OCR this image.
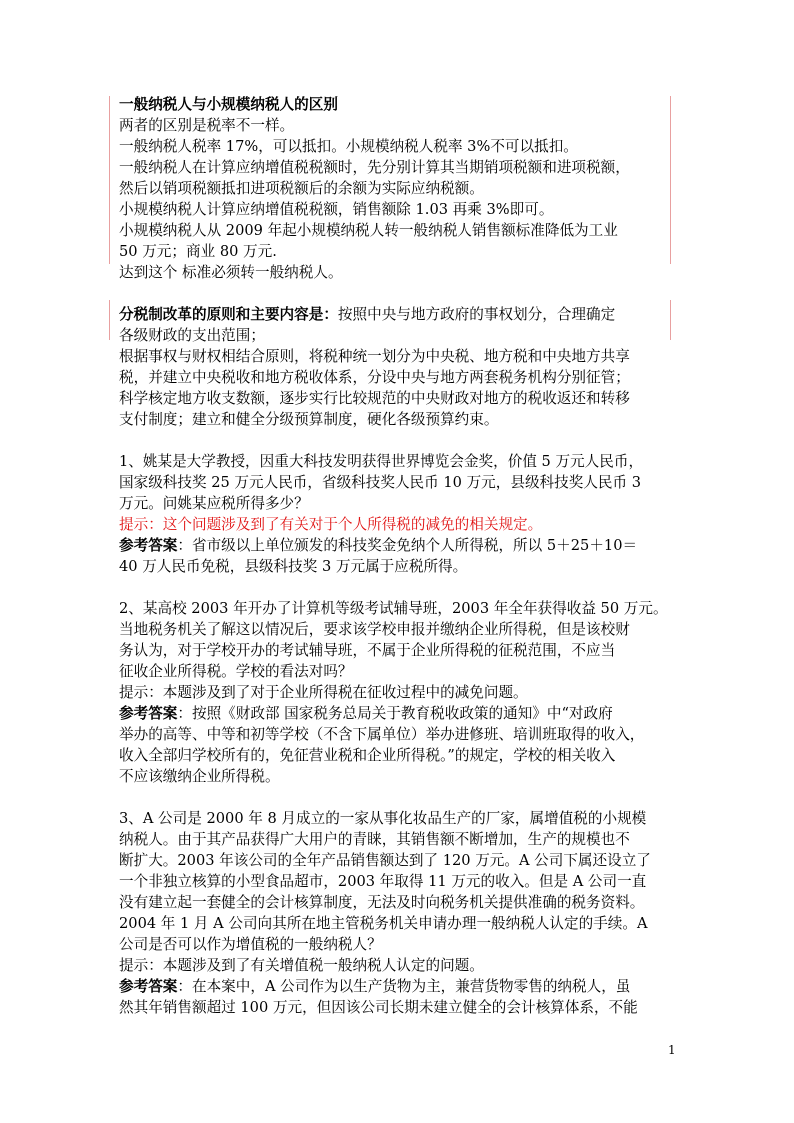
一般纳税人与小规模纳税人的区别
两者的区别是税率不一样。
一般纳税人税率 17%，可以抵扣。小规模纳税人税率 3%不可以抵扣。
一般纳税人在计算应纳增值税税额时，先分别计算其当期销项税额和进项税额，
然后以销项税额抵扣进项税额后的余额为实际应纳税额。
小规模纳税人计算应纳增值税税额，销售额除 1.03 再乘 3%即可。
小规模纳税人从 2009 年起小规模纳税人转一般纳税人销售额标准降低为工业
50 万元；商业 80 万元.
达到这个 标准必须转一般纳税人。
分税制改革的原则和主要内容是：按照中央与地方政府的事权划分，合理确定
各级财政的支出范围；
根据事权与财权相结合原则，将税种统一划分为中央税、地方税和中央地方共享
税，并建立中央税收和地方税收体系，分设中央与地方两套税务机构分别征管；
科学核定地方收支数额，逐步实行比较规范的中央财政对地方的税收返还和转移
支付制度；建立和健全分级预算制度，硬化各级预算约束。
1、姚某是大学教授，因重大科技发明获得世界博览会金奖，价值 5 万元人民币，
国家级科技奖 25 万元人民币，省级科技奖人民币 10 万元，县级科技奖人民币 3
万元。问姚某应税所得多少？
提示：这个问题涉及到了有关对于个人所得税的减免的相关规定。
参考答案：省市级以上单位颁发的科技奖金免纳个人所得税，所以 5＋25＋10＝
40 万人民币免税，县级科技奖 3 万元属于应税所得。
2、某高校 2003 年开办了计算机等级考试辅导班，2003 年全年获得收益 50 万元。
当地税务机关了解这以情况后，要求该学校申报并缴纳企业所得税，但是该校财
务认为，对于学校开办的考试辅导班，不属于企业所得税的征税范围，不应当
征收企业所得税。学校的看法对吗？
提示：本题涉及到了对于企业所得税在征收过程中的减免问题。
参考答案：按照《财政部 国家税务总局关于教育税收政策的通知》中“对政府
举办的高等、中等和初等学校（不含下属单位）举办进修班、培训班取得的收入，
收入全部归学校所有的，免征营业税和企业所得税。”的规定，学校的相关收入
不应该缴纳企业所得税。
3、A 公司是 2000 年 8 月成立的一家从事化妆品生产的厂家，属增值税的小规模
纳税人。由于其产品获得广大用户的青睐，其销售额不断增加，生产的规模也不
断扩大。2003 年该公司的全年产品销售额达到了 120 万元。A 公司下属还设立了
一个非独立核算的小型食品超市，2003 年取得 11 万元的收入。但是 A 公司一直
没有建立起一套健全的会计核算制度，无法及时向税务机关提供准确的税务资料。
2004 年 1 月 A 公司向其所在地主管税务机关申请办理一般纳税人认定的手续。A
公司是否可以作为增值税的一般纳税人？
提示：本题涉及到了有关增值税一般纳税人认定的问题。
参考答案：在本案中，A 公司作为以生产货物为主，兼营货物零售的纳税人，虽
然其年销售额超过 100 万元，但因该公司长期未建立健全的会计核算体系，不能
1
